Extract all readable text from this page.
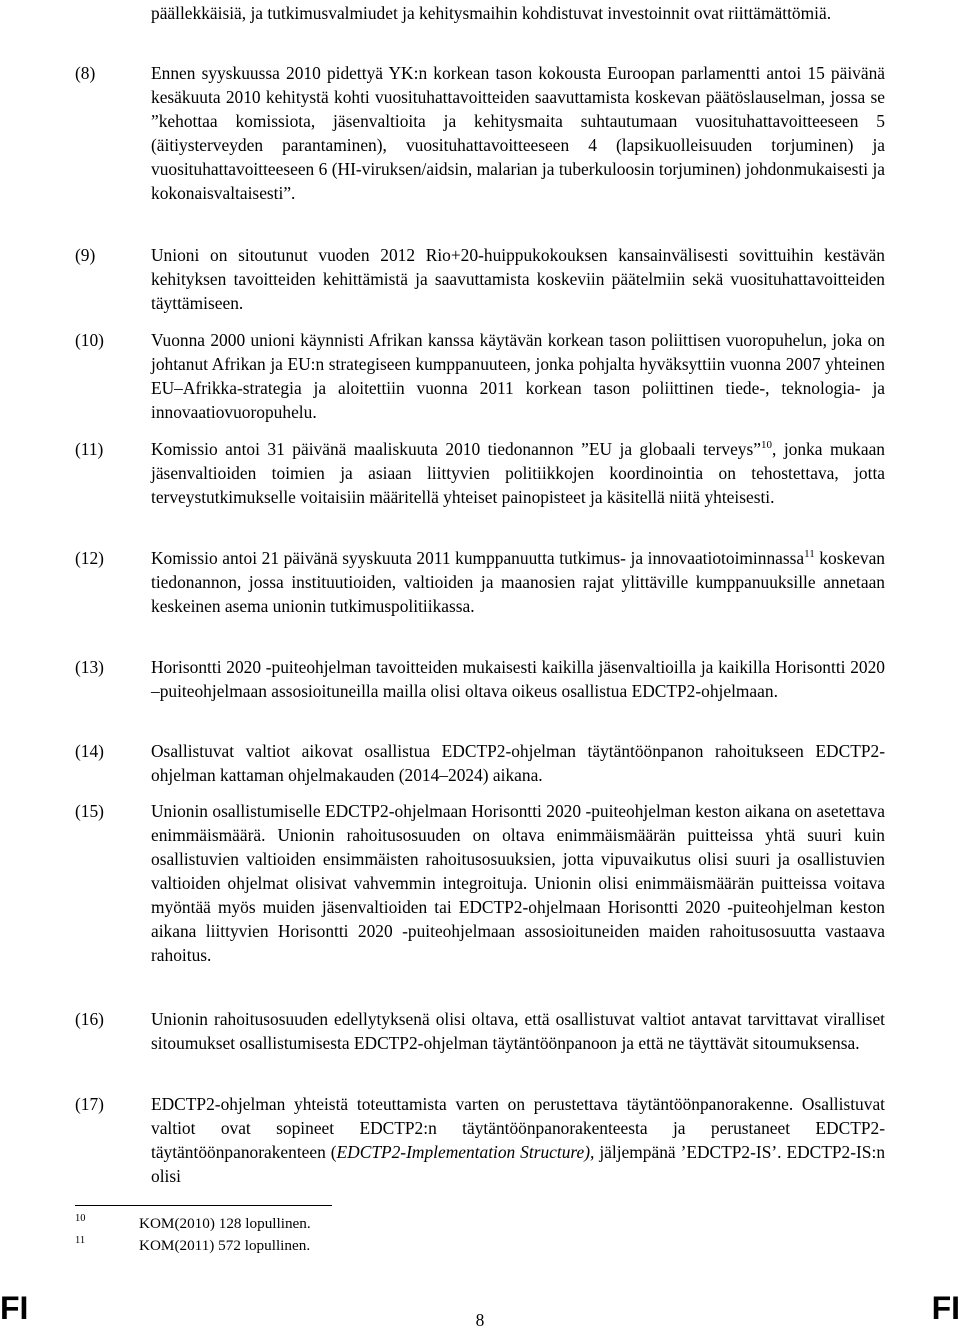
päällekkäisiä, ja tutkimusvalmiudet ja kehitysmaihin kohdistuvat investoinnit ovat riittämättömiä.
(8)	Ennen syyskuussa 2010 pidettyä YK:n korkean tason kokousta Euroopan parlamentti antoi 15 päivänä kesäkuuta 2010 kehitystä kohti vuosituhattavoitteiden saavuttamista koskevan päätöslauselman, jossa se ”kehottaa komissiota, jäsenvaltioita ja kehitysmaita suhtautumaan vuosituhattavoitteeseen 5 (äitiysterveyden parantaminen), vuosituhattavoitteeseen 4 (lapsikuolleisuuden torjuminen) ja vuosituhattavoitteeseen 6 (HI-viruksen/aidsin, malarian ja tuberkuloosin torjuminen) johdonmukaisesti ja kokonaisvaltaisesti”.
(9)	Unioni on sitoutunut vuoden 2012 Rio+20-huippukokouksen kansainvälisesti sovittuihin kestävän kehityksen tavoitteiden kehittämistä ja saavuttamista koskeviin päätelmiin sekä vuosituhattavoitteiden täyttämiseen.
(10)	Vuonna 2000 unioni käynnisti Afrikan kanssa käytävän korkean tason poliittisen vuoropuhelun, joka on johtanut Afrikan ja EU:n strategiseen kumppanuuteen, jonka pohjalta hyväksyttiin vuonna 2007 yhteinen EU–Afrikka-strategia ja aloitettiin vuonna 2011 korkean tason poliittinen tiede-, teknologia- ja innovaatiovuoropuhelu.
(11)	Komissio antoi 31 päivänä maaliskuuta 2010 tiedonannon ”EU ja globaali terveys”$^{10}$, jonka mukaan jäsenvaltioiden toimien ja asiaan liittyvien politiikkojen koordinointia on tehostettava, jotta terveystutkimukselle voitaisiin määritellä yhteiset painopisteet ja käsitellä niitä yhteisesti.
(12)	Komissio antoi 21 päivänä syyskuuta 2011 kumppanuutta tutkimus- ja innovaatiotoiminnassa$^{11}$ koskevan tiedonannon, jossa instituutioiden, valtioiden ja maanosien rajat ylittäville kumppanuuksille annetaan keskeinen asema unionin tutkimuspolitiikassa.
(13)	Horisontti 2020 -puiteohjelman tavoitteiden mukaisesti kaikilla jäsenvaltioilla ja kaikilla Horisontti 2020 –puiteohjelmaan assosioituneilla mailla olisi oltava oikeus osallistua EDCTP2-ohjelmaan.
(14)	Osallistuvat valtiot aikovat osallistua EDCTP2-ohjelman täytäntöönpanon rahoitukseen EDCTP2-ohjelman kattaman ohjelmakauden (2014–2024) aikana.
(15)	Unionin osallistumiselle EDCTP2-ohjelmaan Horisontti 2020 -puiteohjelman keston aikana on asetettava enimmäismäärä. Unionin rahoitusosuuden on oltava enimmäismäärän puitteissa yhtä suuri kuin osallistuvien valtioiden ensimmäisten rahoitusosuuksien, jotta vipuvaikutus olisi suuri ja osallistuvien valtioiden ohjelmat olisivat vahvemmin integroituja. Unionin olisi enimmäismäärän puitteissa voitava myöntää myös muiden jäsenvaltioiden tai EDCTP2-ohjelmaan Horisontti 2020 -puiteohjelman keston aikana liittyvien Horisontti 2020 -puiteohjelmaan assosioituneiden maiden rahoitusosuutta vastaava rahoitus.
(16)	Unionin rahoitusosuuden edellytyksenä olisi oltava, että osallistuvat valtiot antavat tarvittavat viralliset sitoumukset osallistumisesta EDCTP2-ohjelman täytäntöönpanoon ja että ne täyttävät sitoumuksensa.
(17)	EDCTP2-ohjelman yhteistä toteuttamista varten on perustettava täytäntöönpanorakenne. Osallistuvat valtiot ovat sopineet EDCTP2:n täytäntöönpanorakenteesta ja perustaneet EDCTP2-täytäntöönpanorakenteen (EDCTP2-Implementation Structure), jäljempänä ’EDCTP2-IS’. EDCTP2-IS:n olisi
10	KOM(2010) 128 lopullinen.
11	KOM(2011) 572 lopullinen.
FI	8	FI
